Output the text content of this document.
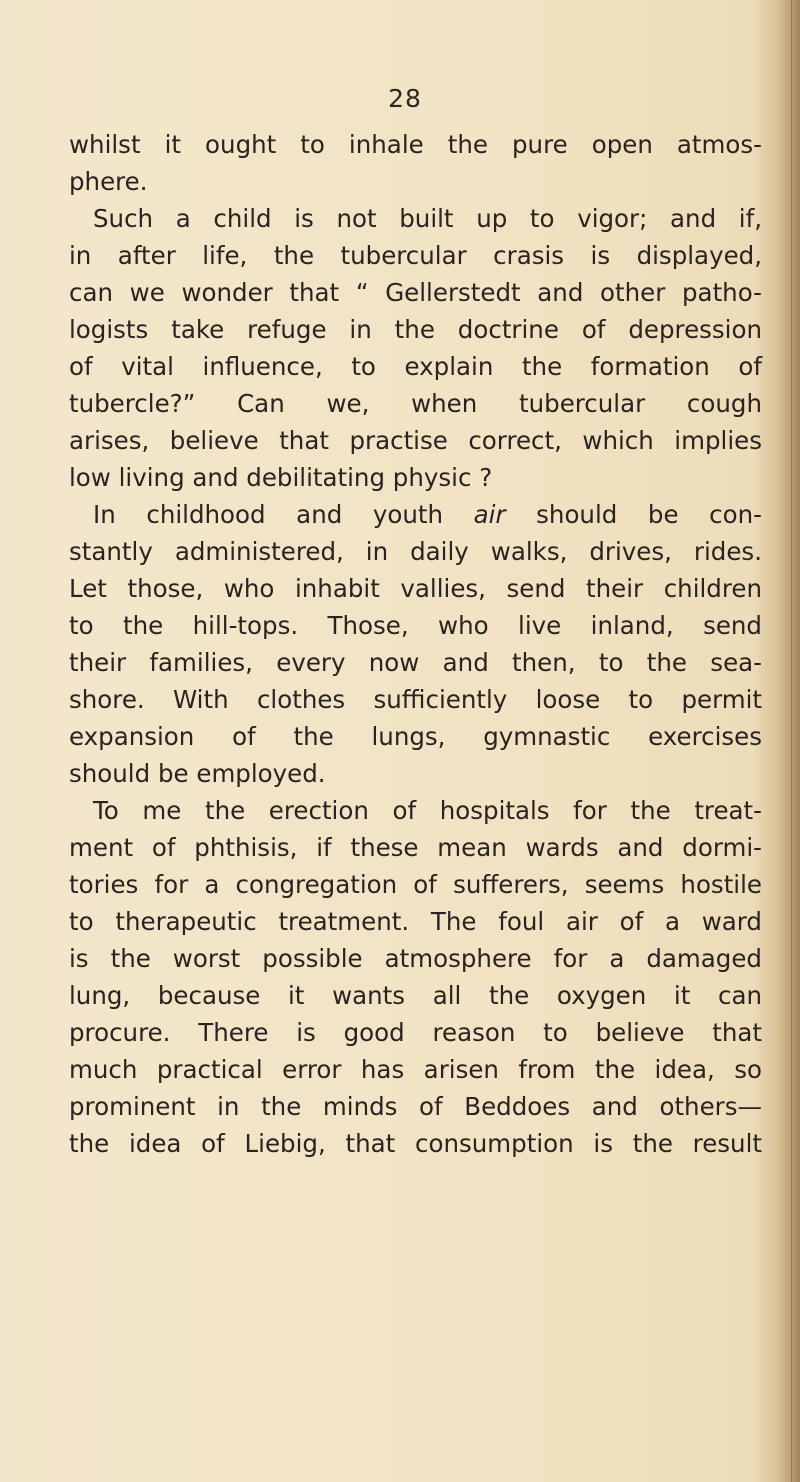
28
whilst it ought to inhale the pure open atmos-
phere.
Such a child is not built up to vigor; and if,
in after life, the tubercular crasis is displayed,
can we wonder that “ Gellerstedt and other patho-
logists take refuge in the doctrine of depression
of vital influence, to explain the formation of
tubercle?” Can we, when tubercular cough
arises, believe that practise correct, which implies
low living and debilitating physic ?
In childhood and youth air should be con-
stantly administered, in daily walks, drives, rides.
Let those, who inhabit vallies, send their children
to the hill-tops. Those, who live inland, send
their families, every now and then, to the sea-
shore. With clothes sufficiently loose to permit
expansion of the lungs, gymnastic exercises
should be employed.
To me the erection of hospitals for the treat-
ment of phthisis, if these mean wards and dormi-
tories for a congregation of sufferers, seems hostile
to therapeutic treatment. The foul air of a ward
is the worst possible atmosphere for a damaged
lung, because it wants all the oxygen it can
procure. There is good reason to believe that
much practical error has arisen from the idea, so
prominent in the minds of Beddoes and others—
the idea of Liebig, that consumption is the result
